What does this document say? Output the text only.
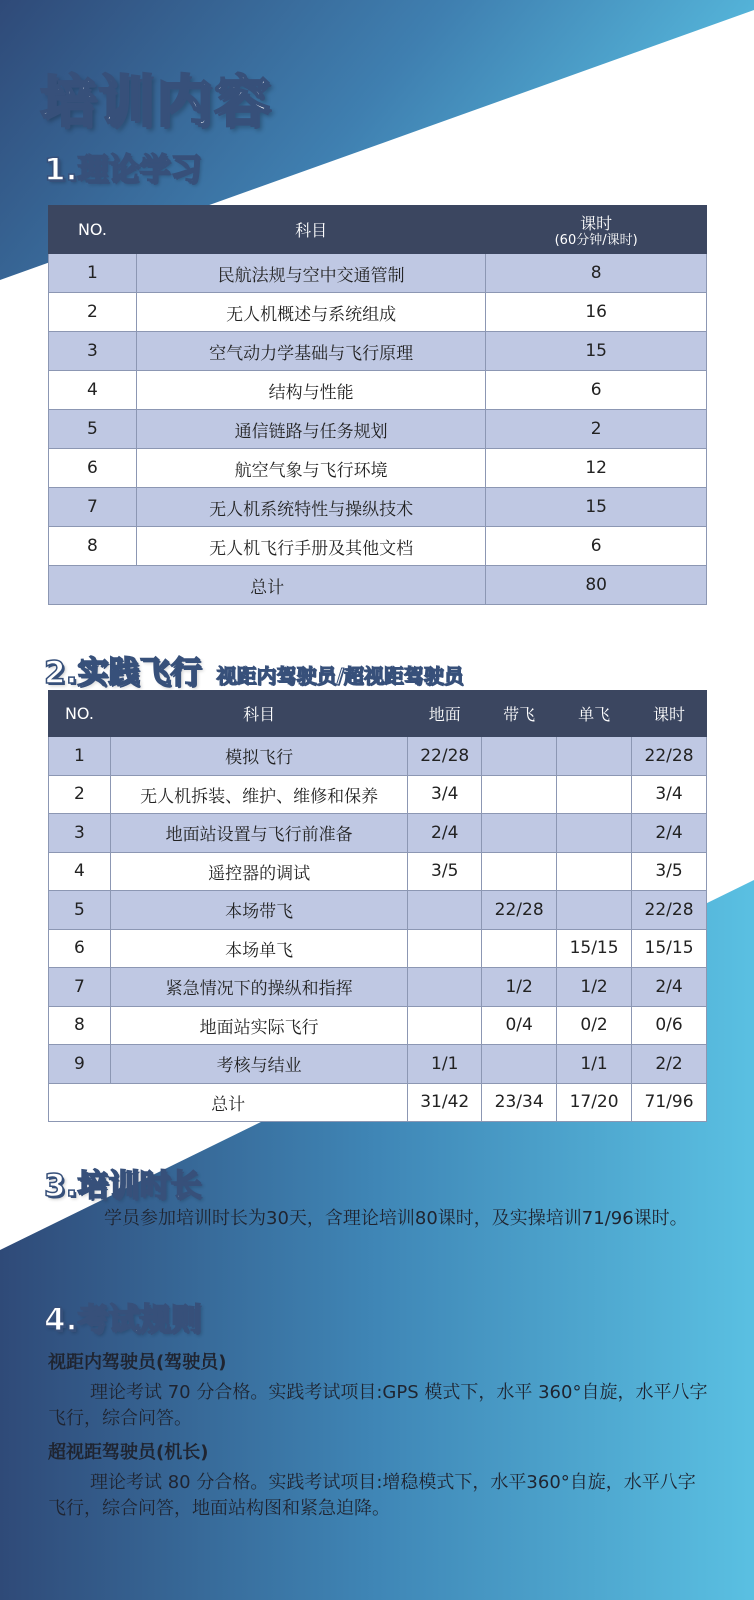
培训内容
1.理论学习
NO.	科目	课时
(60分钟/课时)

1	民航法规与空中交通管制	8
2	无人机概述与系统组成	16
3	空气动力学基础与飞行原理	15
4	结构与性能	6
5	通信链路与任务规划	2
6	航空气象与飞行环境	12
7	无人机系统特性与操纵技术	15
8	无人机飞行手册及其他文档	6
总计		80
2.实践飞行 视距内驾驶员/超视距驾驶员
NO.	科目	地面	带飞	单飞	课时
1	模拟飞行	22/28			22/28
2	无人机拆装、维护、维修和保养	3/4			3/4
3	地面站设置与飞行前准备	2/4			2/4
4	遥控器的调试	3/5			3/5
5	本场带飞		22/28		22/28
6	本场单飞			15/15	15/15
7	紧急情况下的操纵和指挥		1/2	1/2	2/4
8	地面站实际飞行		0/4	0/2	0/6
9	考核与结业	1/1		1/1	2/2
总计		31/42	23/34	17/20	71/96
3.培训时长
学员参加培训时长为30天，含理论培训80课时，及实操培训71/96课时。
4.考试规则
视距内驾驶员(驾驶员)
理论考试 70 分合格。实践考试项目:GPS 模式下，水平 360°自旋，水平八字飞行，综合问答。
超视距驾驶员(机长)
理论考试 80 分合格。实践考试项目:增稳模式下，水平360°自旋，水平八字飞行，综合问答，地面站构图和紧急迫降。
